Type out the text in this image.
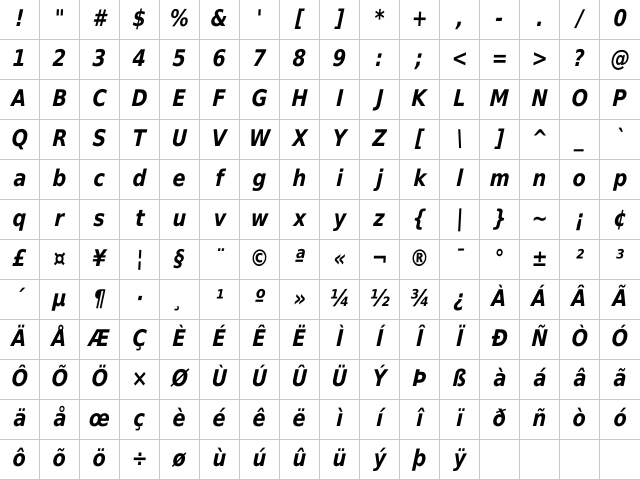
! " # $ % & ' [ ] * + , - . / 0
1 2 3 4 5 6 7 8 9 : ; < = > ? @
A B C D E F G H I J K L M N O P
Q R S T U V W X Y Z [ \ ] ^ _ `
a b c d e f g h i j k l m n o p
q r s t u v w x y z { | } ~ ¡ ¢
£ ¤ ¥ ¦ § ¨ © ª « ¬ ® ¯ ° ± ² ³
´ µ ¶ · ¸ ¹ º » ¼ ½ ¾ ¿ À Á Â Ã
Ä Å Æ Ç È É Ê Ë Ì Í Î Ï Ð Ñ Ò Ó
Ô Õ Ö × Ø Ù Ú Û Ü Ý Þ ß à á â ã
ä å œ ç è é ê ë ì í î ï ð ñ ò ó
ô õ ö ÷ ø ù ú û ü ý þ ÿ
